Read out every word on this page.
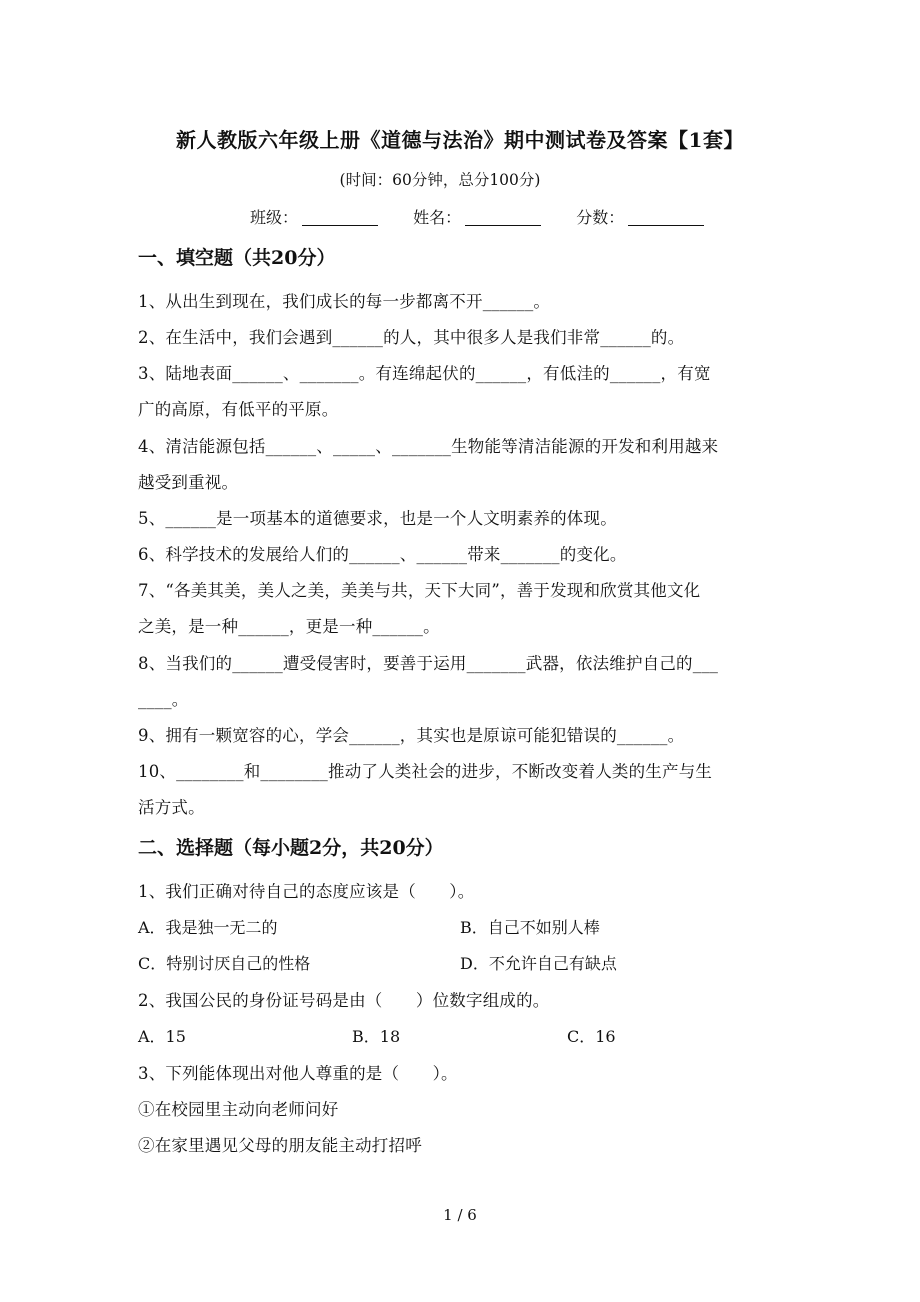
新人教版六年级上册《道德与法治》期中测试卷及答案【1套】
(时间：60分钟，总分100分)
班级：	姓名：	分数：
一、填空题（共20分）
1、从出生到现在，我们成长的每一步都离不开______。
2、在生活中，我们会遇到______的人，其中很多人是我们非常______的。
3、陆地表面______、_______。有连绵起伏的______，有低洼的______，有宽
广的高原，有低平的平原。
4、清洁能源包括______、_____、_______生物能等清洁能源的开发和利用越来
越受到重视。
5、______是一项基本的道德要求，也是一个人文明素养的体现。
6、科学技术的发展给人们的______、______带来_______的变化。
7、“各美其美，美人之美，美美与共，天下大同”，善于发现和欣赏其他文化
之美，是一种______，更是一种______。
8、当我们的______遭受侵害时，要善于运用_______武器，依法维护自己的___
____。
9、拥有一颗宽容的心，学会______，其实也是原谅可能犯错误的______。
10、________和________推动了人类社会的进步，不断改变着人类的生产与生
活方式。
二、选择题（每小题2分，共20分）
1、我们正确对待自己的态度应该是（　　）。
A．我是独一无二的	B．自己不如别人棒
C．特别讨厌自己的性格	D．不允许自己有缺点
2、我国公民的身份证号码是由（　　）位数字组成的。
A．15	B．18	C．16
3、下列能体现出对他人尊重的是（　　）。
①在校园里主动向老师问好
②在家里遇见父母的朋友能主动打招呼
1 / 6
